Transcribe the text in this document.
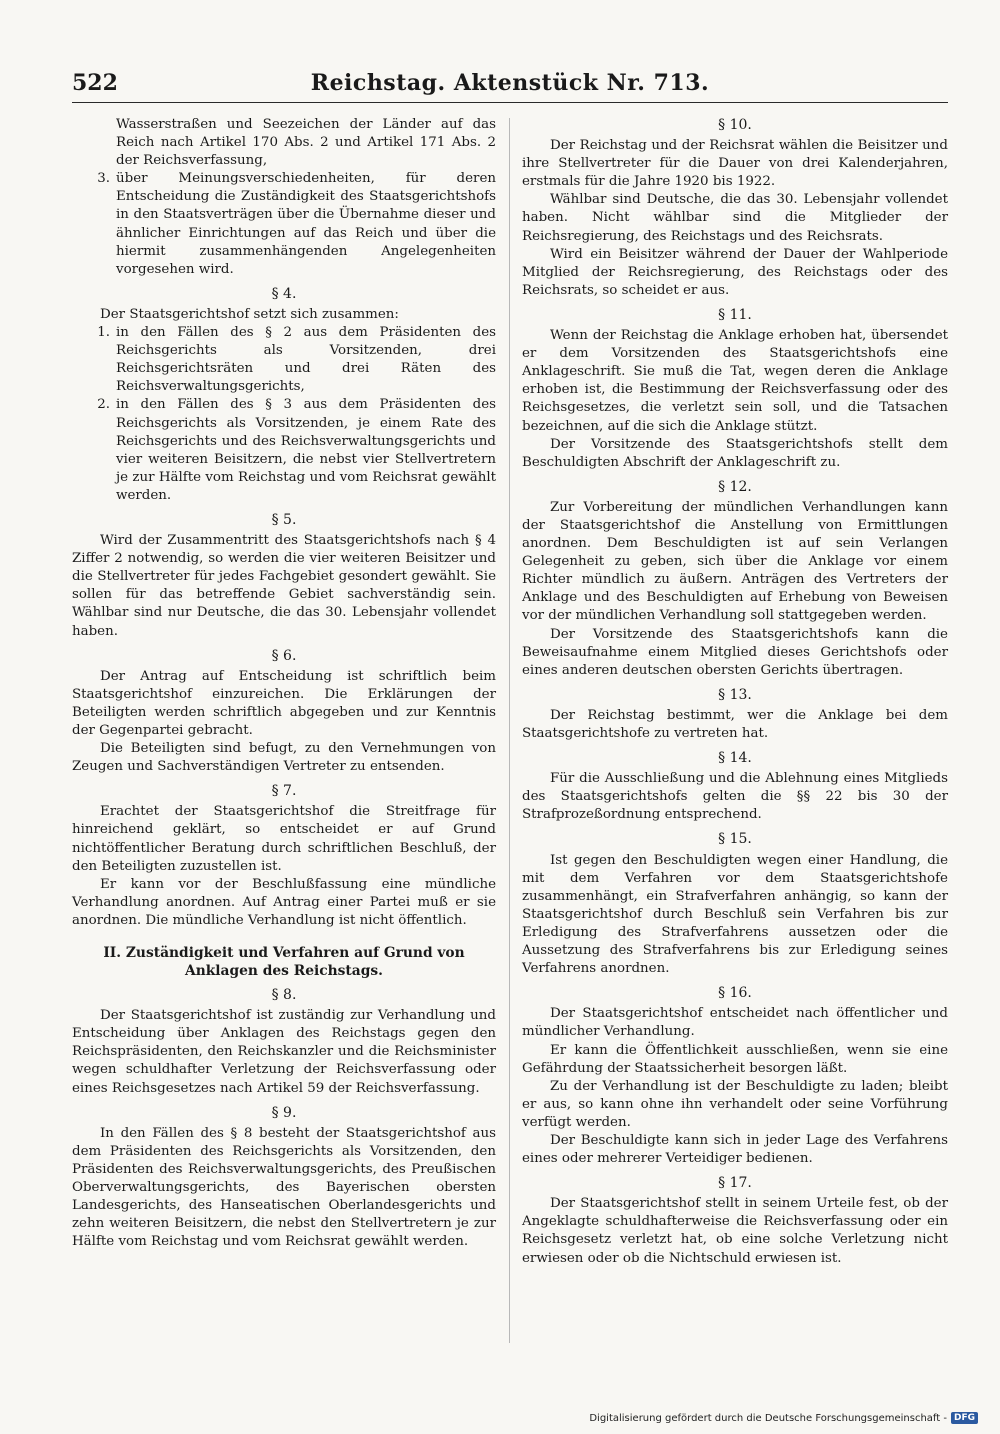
522	Reichstag. Aktenstück Nr. 713.

Wasserstraßen und Seezeichen der Länder auf das Reich nach Artikel 170 Abs. 2 und Artikel 171 Abs. 2 der Reichsverfassung,

3. über Meinungsverschiedenheiten, für deren Entscheidung die Zuständigkeit des Staatsgerichtshofs in den Staatsverträgen über die Übernahme dieser und ähnlicher Einrichtungen auf das Reich und über die hiermit zusammenhängenden Angelegenheiten vorgesehen wird.

§ 4.

Der Staatsgerichtshof setzt sich zusammen:

1. in den Fällen des § 2 aus dem Präsidenten des Reichsgerichts als Vorsitzenden, drei Reichsgerichtsräten und drei Räten des Reichsverwaltungsgerichts,

2. in den Fällen des § 3 aus dem Präsidenten des Reichsgerichts als Vorsitzenden, je einem Rate des Reichsgerichts und des Reichsverwaltungsgerichts und vier weiteren Beisitzern, die nebst vier Stellvertretern je zur Hälfte vom Reichstag und vom Reichsrat gewählt werden.

§ 5.

Wird der Zusammentritt des Staatsgerichtshofs nach § 4 Ziffer 2 notwendig, so werden die vier weiteren Beisitzer und die Stellvertreter für jedes Fachgebiet gesondert gewählt. Sie sollen für das betreffende Gebiet sachverständig sein. Wählbar sind nur Deutsche, die das 30. Lebensjahr vollendet haben.

§ 6.

Der Antrag auf Entscheidung ist schriftlich beim Staatsgerichtshof einzureichen. Die Erklärungen der Beteiligten werden schriftlich abgegeben und zur Kenntnis der Gegenpartei gebracht.

Die Beteiligten sind befugt, zu den Vernehmungen von Zeugen und Sachverständigen Vertreter zu entsenden.

§ 7.

Erachtet der Staatsgerichtshof die Streitfrage für hinreichend geklärt, so entscheidet er auf Grund nichtöffentlicher Beratung durch schriftlichen Beschluß, der den Beteiligten zuzustellen ist.

Er kann vor der Beschlußfassung eine mündliche Verhandlung anordnen. Auf Antrag einer Partei muß er sie anordnen. Die mündliche Verhandlung ist nicht öffentlich.

II. Zuständigkeit und Verfahren auf Grund von Anklagen des Reichstags.
§ 8.

Der Staatsgerichtshof ist zuständig zur Verhandlung und Entscheidung über Anklagen des Reichstags gegen den Reichspräsidenten, den Reichskanzler und die Reichsminister wegen schuldhafter Verletzung der Reichsverfassung oder eines Reichsgesetzes nach Artikel 59 der Reichsverfassung.

§ 9.

In den Fällen des § 8 besteht der Staatsgerichtshof aus dem Präsidenten des Reichsgerichts als Vorsitzenden, den Präsidenten des Reichsverwaltungsgerichts, des Preußischen Oberverwaltungsgerichts, des Bayerischen obersten Landesgerichts, des Hanseatischen Oberlandesgerichts und zehn weiteren Beisitzern, die nebst den Stellvertretern je zur Hälfte vom Reichstag und vom Reichsrat gewählt werden.

§ 10.

Der Reichstag und der Reichsrat wählen die Beisitzer und ihre Stellvertreter für die Dauer von drei Kalenderjahren, erstmals für die Jahre 1920 bis 1922.

Wählbar sind Deutsche, die das 30. Lebensjahr vollendet haben. Nicht wählbar sind die Mitglieder der Reichsregierung, des Reichstags und des Reichsrats.

Wird ein Beisitzer während der Dauer der Wahlperiode Mitglied der Reichsregierung, des Reichstags oder des Reichsrats, so scheidet er aus.

§ 11.

Wenn der Reichstag die Anklage erhoben hat, übersendet er dem Vorsitzenden des Staatsgerichtshofs eine Anklageschrift. Sie muß die Tat, wegen deren die Anklage erhoben ist, die Bestimmung der Reichsverfassung oder des Reichsgesetzes, die verletzt sein soll, und die Tatsachen bezeichnen, auf die sich die Anklage stützt.

Der Vorsitzende des Staatsgerichtshofs stellt dem Beschuldigten Abschrift der Anklageschrift zu.

§ 12.

Zur Vorbereitung der mündlichen Verhandlungen kann der Staatsgerichtshof die Anstellung von Ermittlungen anordnen. Dem Beschuldigten ist auf sein Verlangen Gelegenheit zu geben, sich über die Anklage vor einem Richter mündlich zu äußern. Anträgen des Vertreters der Anklage und des Beschuldigten auf Erhebung von Beweisen vor der mündlichen Verhandlung soll stattgegeben werden.

Der Vorsitzende des Staatsgerichtshofs kann die Beweisaufnahme einem Mitglied dieses Gerichtshofs oder eines anderen deutschen obersten Gerichts übertragen.

§ 13.

Der Reichstag bestimmt, wer die Anklage bei dem Staatsgerichtshofe zu vertreten hat.

§ 14.

Für die Ausschließung und die Ablehnung eines Mitglieds des Staatsgerichtshofs gelten die §§ 22 bis 30 der Strafprozeßordnung entsprechend.

§ 15.

Ist gegen den Beschuldigten wegen einer Handlung, die mit dem Verfahren vor dem Staatsgerichtshofe zusammenhängt, ein Strafverfahren anhängig, so kann der Staatsgerichtshof durch Beschluß sein Verfahren bis zur Erledigung des Strafverfahrens aussetzen oder die Aussetzung des Strafverfahrens bis zur Erledigung seines Verfahrens anordnen.

§ 16.

Der Staatsgerichtshof entscheidet nach öffentlicher und mündlicher Verhandlung.

Er kann die Öffentlichkeit ausschließen, wenn sie eine Gefährdung der Staatssicherheit besorgen läßt.

Zu der Verhandlung ist der Beschuldigte zu laden; bleibt er aus, so kann ohne ihn verhandelt oder seine Vorführung verfügt werden.

Der Beschuldigte kann sich in jeder Lage des Verfahrens eines oder mehrerer Verteidiger bedienen.

§ 17.

Der Staatsgerichtshof stellt in seinem Urteile fest, ob der Angeklagte schuldhafterweise die Reichsverfassung oder ein Reichsgesetz verletzt hat, ob eine solche Verletzung nicht erwiesen oder ob die Nichtschuld erwiesen ist.

Digitalisierung gefördert durch die Deutsche Forschungsgemeinschaft - DFG
